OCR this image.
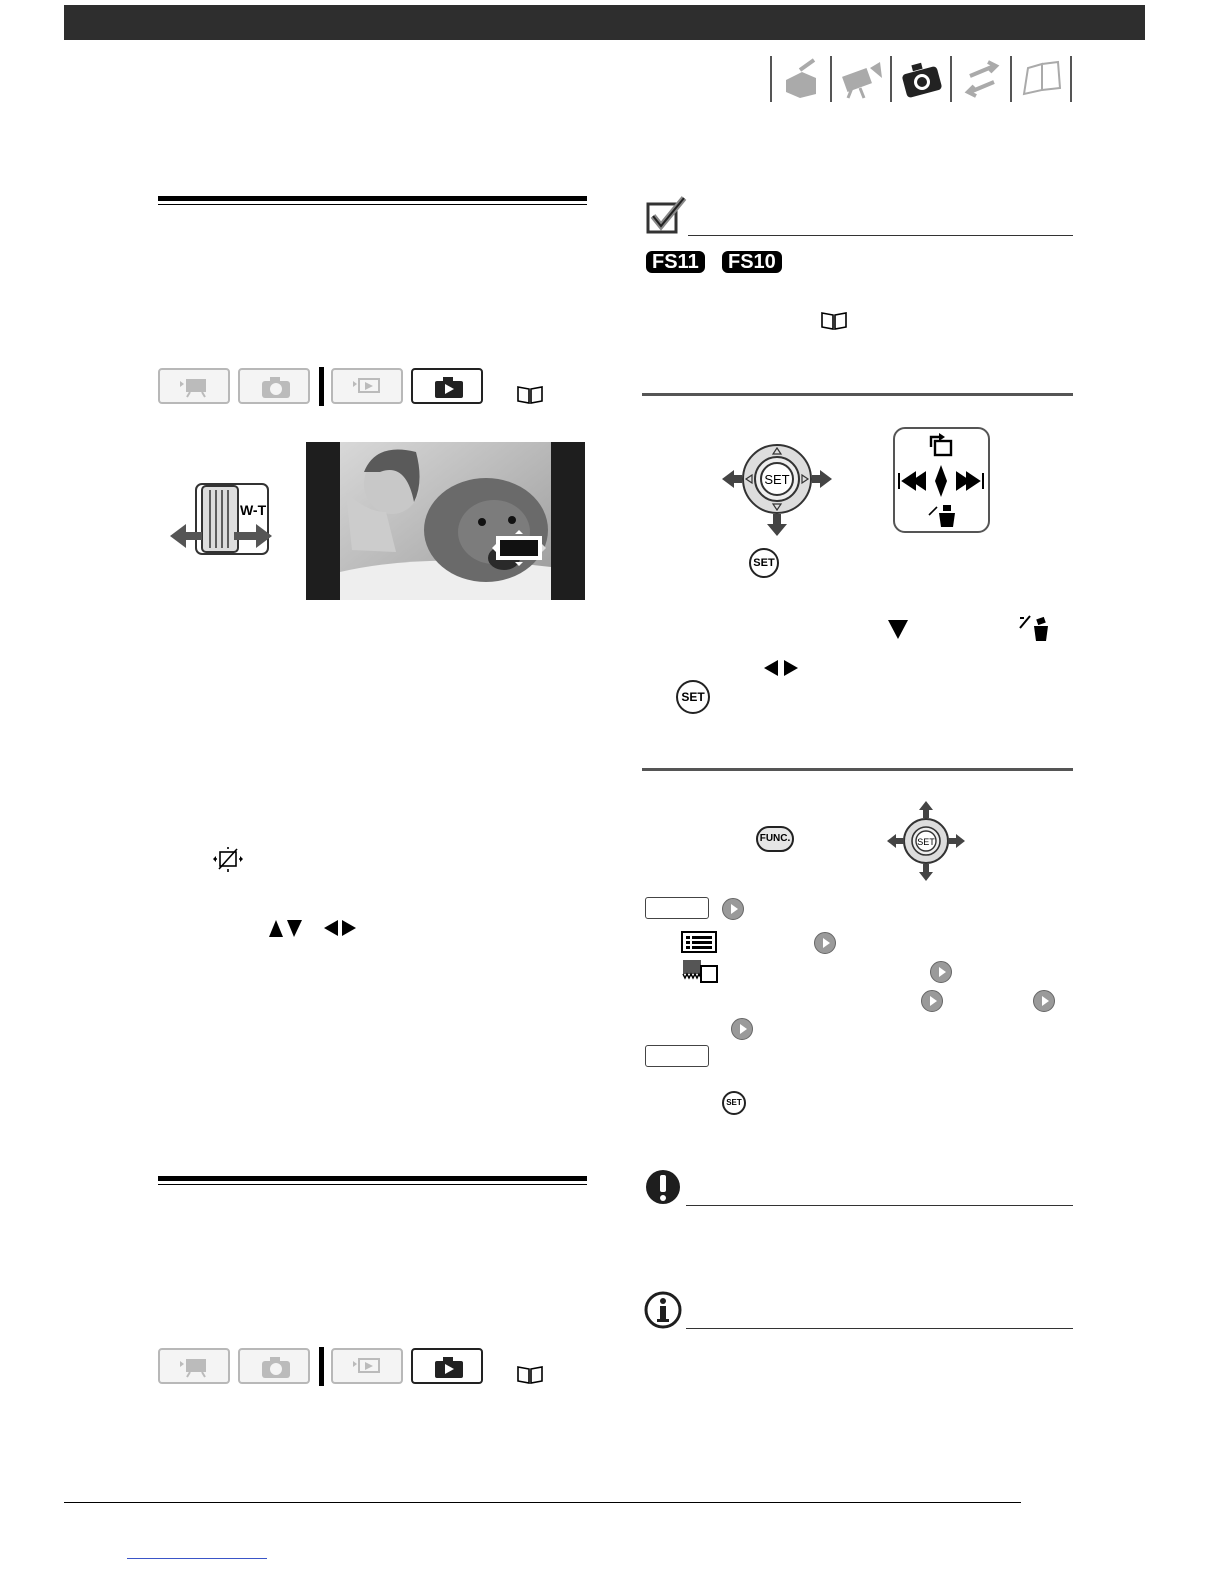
W-T
FS11	FS10
SET
SET
SET
FUNC.	SET
SET
